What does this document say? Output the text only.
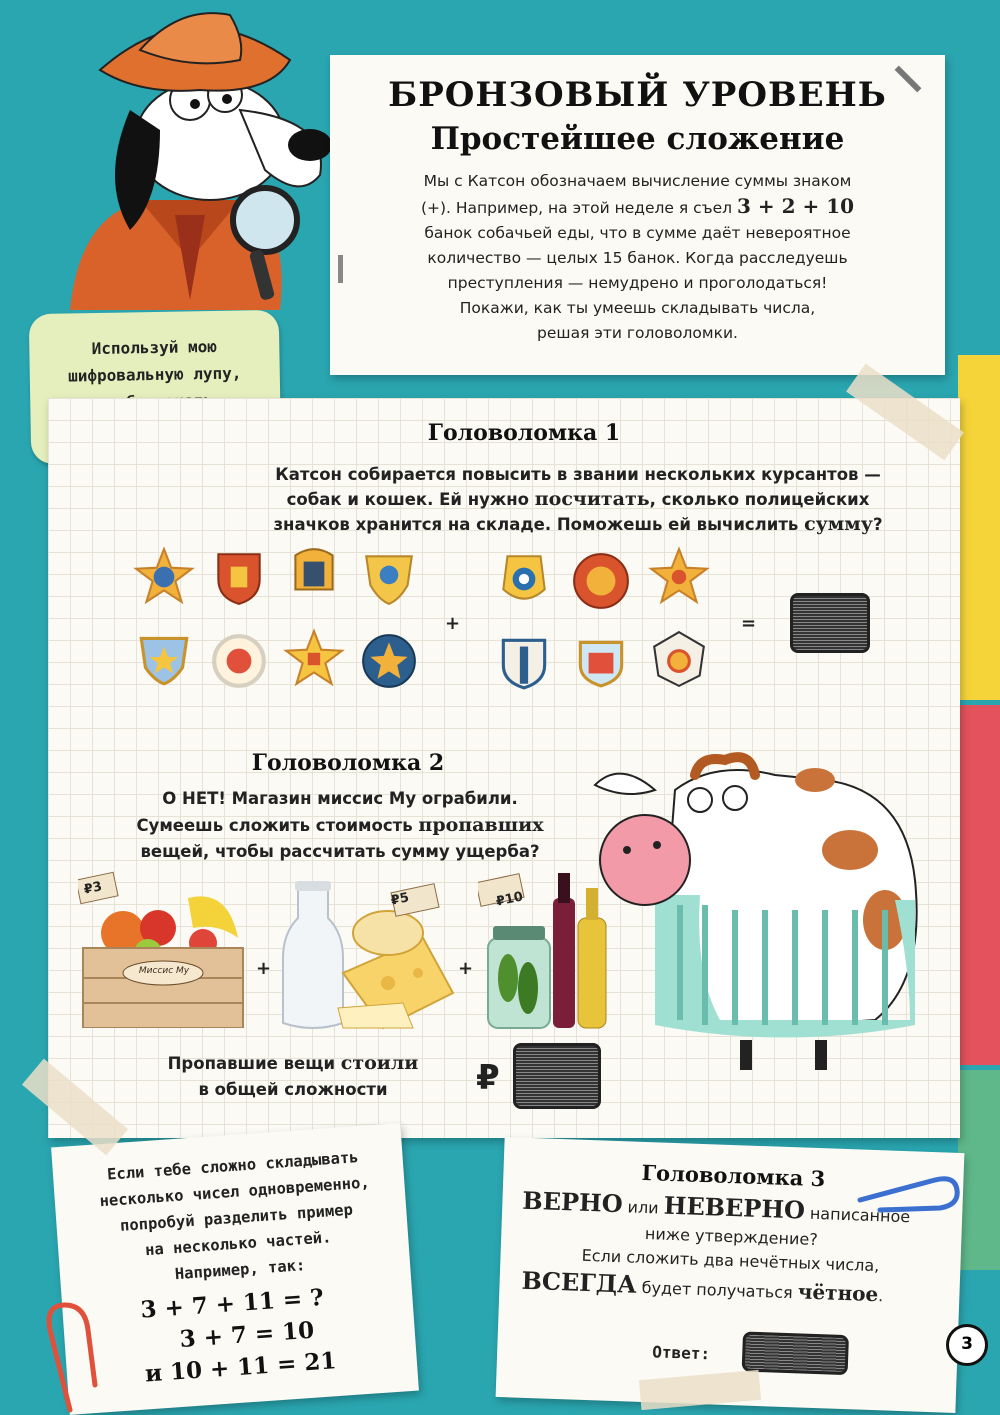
БРОНЗОВЫЙ УРОВЕНЬ
Простейшее сложение
Мы с Катсон обозначаем вычисление суммы знаком
(+). Например, на этой неделе я съел 3 + 2 + 10
банок собачьей еды, что в сумме даёт невероятное
количество — целых 15 банок. Когда расследуешь
преступления — немудрено и проголодаться!
Покажи, как ты умеешь складывать числа,
решая эти головоломки.

Используй мою
шифровальную лупу,

Головоломка 1
Катсон собирается повысить в звании нескольких курсантов —
собак и кошек. Ей нужно посчитать, сколько полицейских
значков хранится на складе. Поможешь ей вычислить сумму?
+	=
Головоломка 2
О НЕТ! Магазин миссис Му ограбили.
Сумеешь сложить стоимость пропавших
вещей, чтобы рассчитать сумму ущерба?
Миссис Му
₽3
+
₽5
+
₽10
Пропавшие вещи стоили
в общей сложности	₽
Если тебе сложно складывать
несколько чисел одновременно,
попробуй разделить пример
на несколько частей.
Например, так:
3 + 7 + 11 = ?
3 + 7 = 10
и 10 + 11 = 21
Головоломка 3
ВЕРНО или НЕВЕРНО написанное
ниже утверждение?
Если сложить два нечётных числа,
ВСЕГДА будет получаться чётное.
Ответ:	3
